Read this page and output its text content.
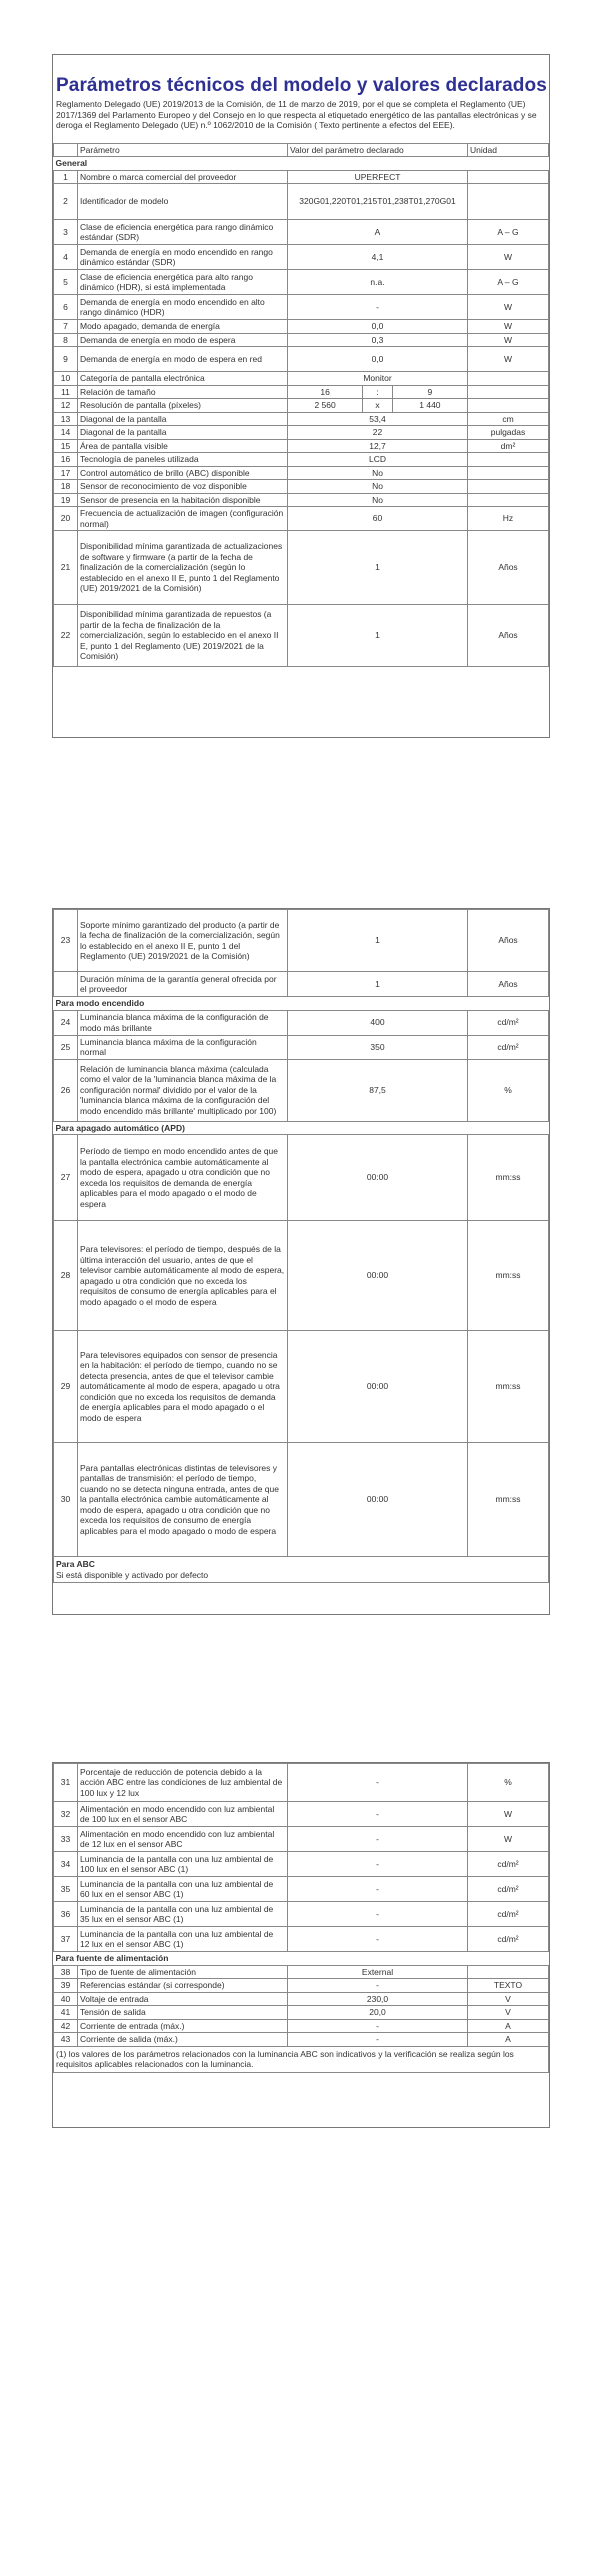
Parámetros técnicos del modelo y valores declarados
Reglamento Delegado (UE) 2019/2013 de la Comisión, de 11 de marzo de 2019, por el que se completa el Reglamento (UE) 2017/1369 del Parlamento Europeo y del Consejo en lo que respecta al etiquetado energético de las pantallas electrónicas y se deroga el Reglamento Delegado (UE) n.º 1062/2010 de la Comisión ( Texto pertinente a efectos del EEE).
	Parámetro	Valor del parámetro declarado	Unidad
General			
1	Nombre o marca comercial del proveedor	UPERFECT	
2	Identificador de modelo	320G01,220T01,215T01,238T01,270G01	
3	Clase de eficiencia energética para rango dinámico estándar (SDR)	A	A – G
4	Demanda de energía en modo encendido en rango dinámico estándar (SDR)	4,1	W
5	Clase de eficiencia energética para alto rango dinámico (HDR), si está implementada	n.a.	A – G
6	Demanda de energía en modo encendido en alto rango dinámico (HDR)	-	W
7	Modo apagado, demanda de energía	0,0	W
8	Demanda de energía en modo de espera	0,3	W
9	Demanda de energía en modo de espera en red	0,0	W
10	Categoría de pantalla electrónica	Monitor	
11	Relación de tamaño	16 : 9	

12	Resolución de pantalla (píxeles)	2 560 x 1 440	

13	Diagonal de la pantalla	53,4	cm
14	Diagonal de la pantalla	22	pulgadas
15	Área de pantalla visible	12,7	dm²
16	Tecnología de paneles utilizada	LCD	
17	Control automático de brillo (ABC) disponible	No	
18	Sensor de reconocimiento de voz disponible	No	
19	Sensor de presencia en la habitación disponible	No	
20	Frecuencia de actualización de imagen (configuración normal)	60	Hz
21	Disponibilidad mínima garantizada de actualizaciones de software y firmware (a partir de la fecha de finalización de la comercialización (según lo establecido en el anexo II E, punto 1 del Reglamento (UE) 2019/2021 de la Comisión)	1	Años
22	Disponibilidad mínima garantizada de repuestos (a partir de la fecha de finalización de la comercialización, según lo establecido en el anexo II E, punto 1 del Reglamento (UE) 2019/2021 de la Comisión)	1	Años
23	Soporte mínimo garantizado del producto (a partir de la fecha de finalización de la comercialización, según lo establecido en el anexo II E, punto 1 del Reglamento (UE) 2019/2021 de la Comisión)	1	Años
	Duración mínima de la garantía general ofrecida por el proveedor	1	Años
Para modo encendido			
24	Luminancia blanca máxima de la configuración de modo más brillante	400	cd/m²
25	Luminancia blanca máxima de la configuración normal	350	cd/m²
26	Relación de luminancia blanca máxima (calculada como el valor de la 'luminancia blanca máxima de la configuración normal' dividido por el valor de la 'luminancia blanca máxima de la configuración del modo encendido más brillante' multiplicado por 100)	87,5	%
Para apagado automático (APD)			
27	Período de tiempo en modo encendido antes de que la pantalla electrónica cambie automáticamente al modo de espera, apagado u otra condición que no exceda los requisitos de demanda de energía aplicables para el modo apagado o el modo de espera	00:00	mm:ss
28	Para televisores: el período de tiempo, después de la última interacción del usuario, antes de que el televisor cambie automáticamente al modo de espera, apagado u otra condición que no exceda los requisitos de consumo de energía aplicables para el modo apagado o el modo de espera	00:00	mm:ss
29	Para televisores equipados con sensor de presencia en la habitación: el período de tiempo, cuando no se detecta presencia, antes de que el televisor cambie automáticamente al modo de espera, apagado u otra condición que no exceda los requisitos de demanda de energía aplicables para el modo apagado o el modo de espera	00:00	mm:ss
30	Para pantallas electrónicas distintas de televisores y pantallas de transmisión: el período de tiempo, cuando no se detecta ninguna entrada, antes de que la pantalla electrónica cambie automáticamente al modo de espera, apagado u otra condición que no exceda los requisitos de consumo de energía aplicables para el modo apagado o modo de espera	00:00	mm:ss

Para ABC
Si está disponible y activado por defecto			
31	Porcentaje de reducción de potencia debido a la acción ABC entre las condiciones de luz ambiental de 100 lux y 12 lux	-	%
32	Alimentación en modo encendido con luz ambiental de 100 lux en el sensor ABC	-	W
33	Alimentación en modo encendido con luz ambiental de 12 lux en el sensor ABC	-	W
34	Luminancia de la pantalla con una luz ambiental de 100 lux en el sensor ABC (1)	-	cd/m²
35	Luminancia de la pantalla con una luz ambiental de 60 lux en el sensor ABC (1)	-	cd/m²
36	Luminancia de la pantalla con una luz ambiental de 35 lux en el sensor ABC (1)	-	cd/m²
37	Luminancia de la pantalla con una luz ambiental de 12 lux en el sensor ABC (1)	-	cd/m²
Para fuente de alimentación			
38	Tipo de fuente de alimentación	External	
39	Referencias estándar (si corresponde)	-	TEXTO
40	Voltaje de entrada	230,0	V
41	Tensión de salida	20,0	V
42	Corriente de entrada (máx.)	-	A
43	Corriente de salida (máx.)	-	A
(1) los valores de los parámetros relacionados con la luminancia ABC son indicativos y la verificación se realiza según los requisitos aplicables relacionados con la luminancia.			
